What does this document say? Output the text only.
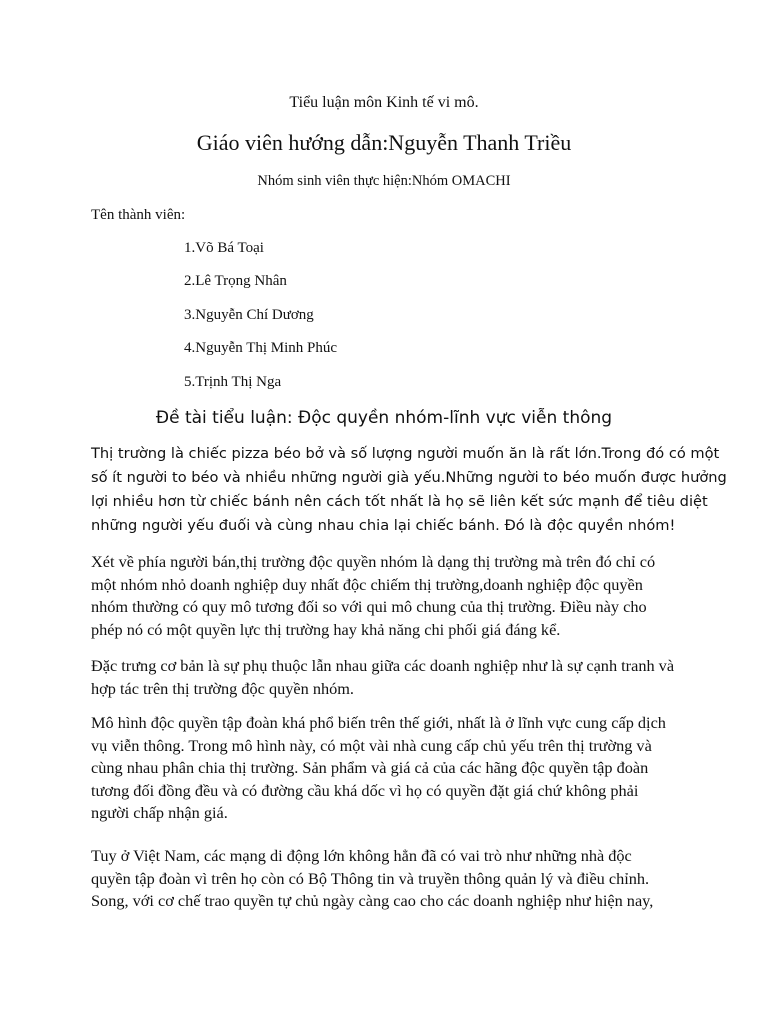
Tiểu luận môn Kinh tế vi mô.
Giáo viên hướng dẫn:Nguyễn Thanh Triều
Nhóm sinh viên thực hiện:Nhóm OMACHI
Tên thành viên:
1.Võ Bá Toại
2.Lê Trọng Nhân
3.Nguyễn Chí Dương
4.Nguyễn Thị Minh Phúc
5.Trịnh Thị Nga
Đề tài tiểu luận: Độc quyền nhóm-lĩnh vực viễn thông
Thị trường là chiếc pizza béo bở và số lượng người muốn ăn là rất lớn.Trong đó có một
số ít người to béo và nhiều những người già yếu.Những người to béo muốn được hưởng
lợi nhiều hơn từ chiếc bánh nên cách tốt nhất là họ sẽ liên kết sức mạnh để tiêu diệt
những người yếu đuối và cùng nhau chia lại chiếc bánh. Đó là độc quyền nhóm!
Xét về phía người bán,thị trường độc quyền nhóm là dạng thị trường mà trên đó chỉ có
một nhóm nhỏ doanh nghiệp duy nhất độc chiếm thị trường,doanh nghiệp độc quyền
nhóm thường có quy mô tương đối so với qui mô chung của thị trường. Điều này cho
phép nó có một quyền lực thị trường hay khả năng chi phối giá đáng kể.
Đặc trưng cơ bản là sự phụ thuộc lẫn nhau giữa các doanh nghiệp như là sự cạnh tranh và
hợp tác trên thị trường độc quyền nhóm.
Mô hình độc quyền tập đoàn khá phổ biến trên thế giới, nhất là ở lĩnh vực cung cấp dịch
vụ viễn thông. Trong mô hình này, có một vài nhà cung cấp chủ yếu trên thị trường và
cùng nhau phân chia thị trường. Sản phẩm và giá cả của các hãng độc quyền tập đoàn
tương đối đồng đều và có đường cầu khá dốc vì họ có quyền đặt giá chứ không phải
người chấp nhận giá.
Tuy ở Việt Nam, các mạng di động lớn không hẳn đã có vai trò như những nhà độc
quyền tập đoàn vì trên họ còn có Bộ Thông tin và truyền thông quản lý và điều chỉnh.
Song, với cơ chế trao quyền tự chủ ngày càng cao cho các doanh nghiệp như hiện nay,
